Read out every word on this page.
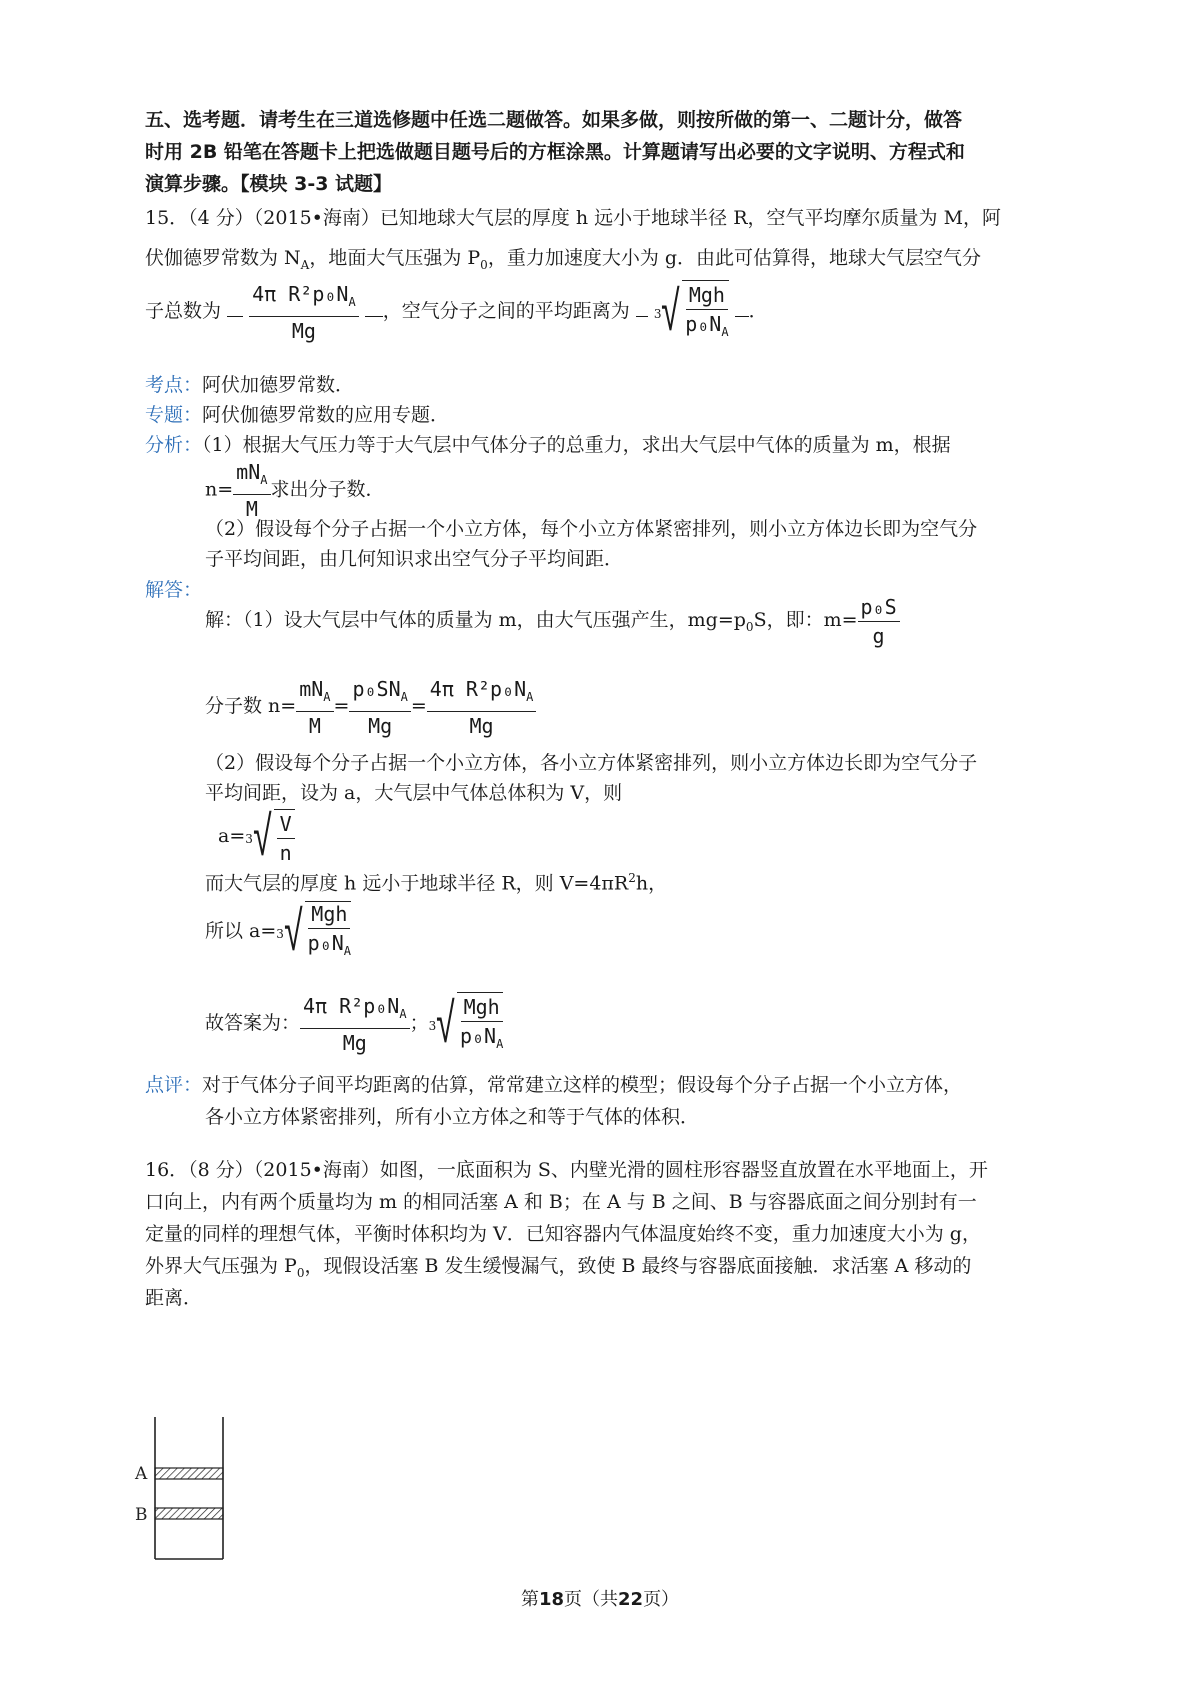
五、选考题．请考生在三道选修题中任选二题做答。如果多做，则按所做的第一、二题计分，做答
时用 2B 铅笔在答题卡上把选做题目题号后的方框涂黑。计算题请写出必要的文字说明、方程式和
演算步骤。【模块 3-3 试题】
15．（4 分）（2015•海南）已知地球大气层的厚度 h 远小于地球半径 R，空气平均摩尔质量为 M，阿
伏伽德罗常数为 $N_A$，地面大气压强为 $P_0$，重力加速度大小为 g．由此可估算得，地球大气层空气分
子总数为 $\frac{4\pi R^2p_0N_A}{Mg}$ ，空气分子之间的平均距离为 3 √ $\frac{\text{Mgh}}{p_0N_A}$ ．
考点：阿伏加德罗常数．
专题：阿伏伽德罗常数的应用专题．
分析：（1）根据大气压力等于大气层中气体分子的总重力，求出大气层中气体的质量为 m，根据
$n= \frac{mN_A}{M}$ 求出分子数．
（2）假设每个分子占据一个小立方体，每个小立方体紧密排列，则小立方体边长即为空气分
子平均间距，由几何知识求出空气分子平均间距．
解答：
解：（1）设大气层中气体的质量为 m，由大气压强产生，$mg=p_0S$，即：$m= \frac{\text{p₀S}}{g}$
分子数 $n= \frac{mN_A}{M} = \frac{p_0SN_A}{Mg} = \frac{4\pi R^2p_0N_A}{Mg}$
（2）假设每个分子占据一个小立方体，各小立方体紧密排列，则小立方体边长即为空气分子
平均间距，设为 a，大气层中气体总体积为 V，则
a= 3 √ $\frac{V}{n}$
而大气层的厚度 h 远小于地球半径 R，则 $V=4\pi R^2h$，
所以 a= 3 √ $\frac{\text{Mgh}}{p_0N_A}$
故答案为： $\frac{4\pi R^2p_0N_A}{Mg}$ ； 3 √ $\frac{\text{Mgh}}{p_0N_A}$
点评：对于气体分子间平均距离的估算，常常建立这样的模型；假设每个分子占据一个小立方体，
各小立方体紧密排列，所有小立方体之和等于气体的体积．
16．（8 分）（2015•海南）如图，一底面积为 S、内壁光滑的圆柱形容器竖直放置在水平地面上，开
口向上，内有两个质量均为 m 的相同活塞 A 和 B；在 A 与 B 之间、B 与容器底面之间分别封有一
定量的同样的理想气体，平衡时体积均为 V．已知容器内气体温度始终不变，重力加速度大小为 g，
外界大气压强为 $P_0$，现假设活塞 B 发生缓慢漏气，致使 B 最终与容器底面接触．求活塞 A 移动的
距离．
A
B
第18页（共22页）
